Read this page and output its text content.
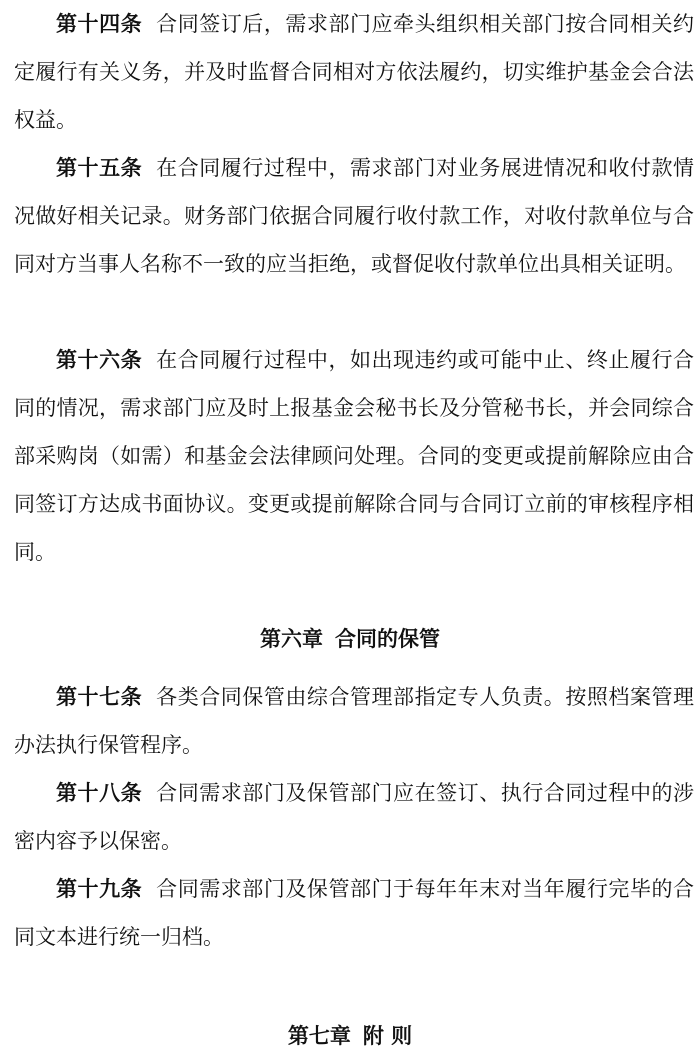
第十四条 合同签订后，需求部门应牵头组织相关部门按合同相关约定履行有关义务，并及时监督合同相对方依法履约，切实维护基金会合法权益。

第十五条 在合同履行过程中，需求部门对业务展进情况和收付款情况做好相关记录。财务部门依据合同履行收付款工作，对收付款单位与合同对方当事人名称不一致的应当拒绝，或督促收付款单位出具相关证明。

第十六条 在合同履行过程中，如出现违约或可能中止、终止履行合同的情况，需求部门应及时上报基金会秘书长及分管秘书长，并会同综合部采购岗（如需）和基金会法律顾问处理。合同的变更或提前解除应由合同签订方达成书面协议。变更或提前解除合同与合同订立前的审核程序相同。

第六章 合同的保管

第十七条 各类合同保管由综合管理部指定专人负责。按照档案管理办法执行保管程序。

第十八条 合同需求部门及保管部门应在签订、执行合同过程中的涉密内容予以保密。

第十九条 合同需求部门及保管部门于每年年末对当年履行完毕的合同文本进行统一归档。

第七章 附 则
